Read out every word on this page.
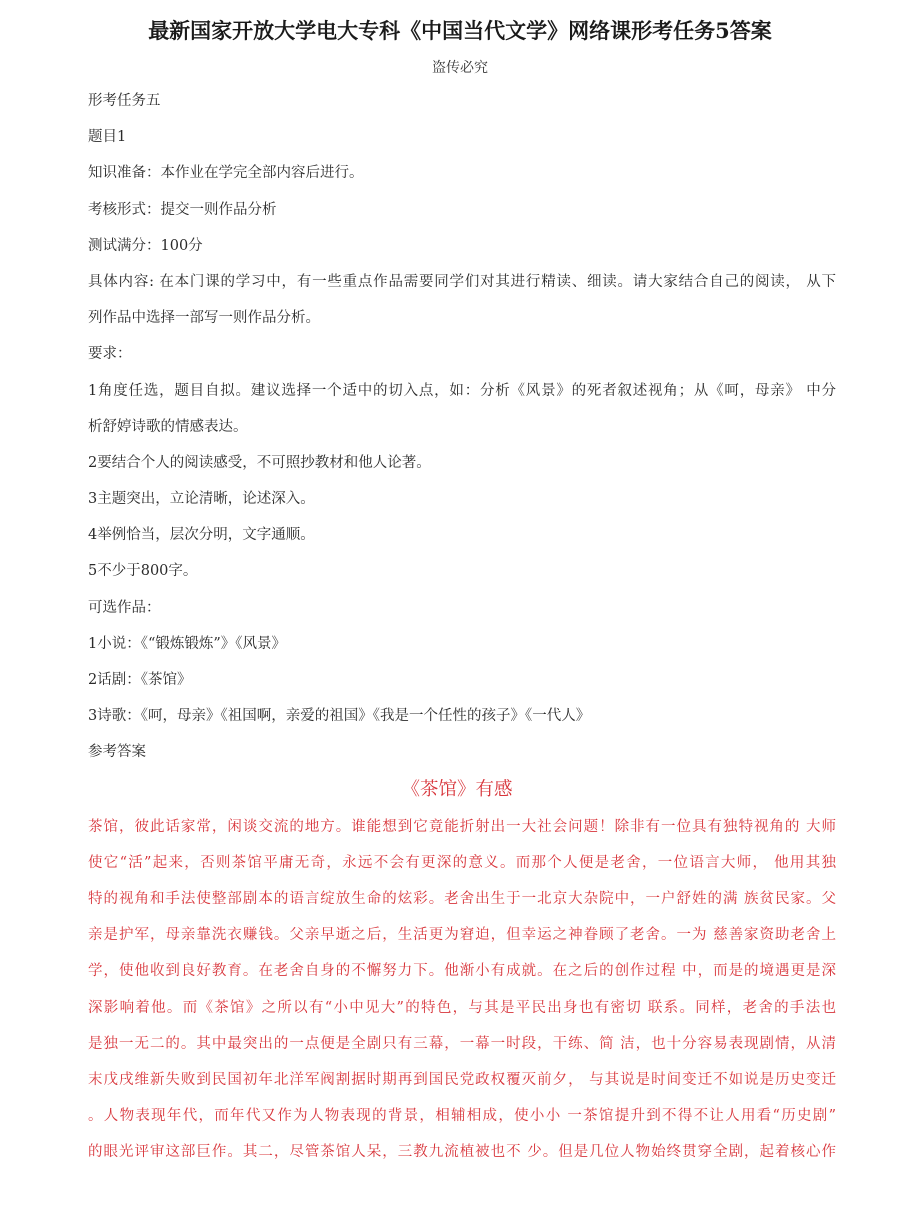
最新国家开放大学电大专科《中国当代文学》网络课形考任务5答案
盗传必究
形考任务五
题目1
知识准备：本作业在学完全部内容后进行。
考核形式：提交一则作品分析
测试满分：100分
具体内容: 在本门课的学习中，有一些重点作品需要同学们对其进行精读、细读。请大家结合自己的阅读， 从下
列作品中选择一部写一则作品分析。
要求：
1角度任选，题目自拟。建议选择一个适中的切入点，如：分析《风景》的死者叙述视角；从《呵，母亲》 中分
析舒婷诗歌的情感表达。
2要结合个人的阅读感受，不可照抄教材和他人论著。
3主题突出，立论清晰，论述深入。
4举例恰当，层次分明，文字通顺。
5不少于800字。
可选作品：
1小说：《“锻炼锻炼”》《风景》
2话剧：《茶馆》
3诗歌：《呵，母亲》《祖国啊，亲爱的祖国》《我是一个任性的孩子》《一代人》
参考答案
《茶馆》有感
茶馆，彼此话家常，闲谈交流的地方。谁能想到它竟能折射出一大社会问题！除非有一位具有独特视角的 大师
使它“活”起来，否则茶馆平庸无奇，永远不会有更深的意义。而那个人便是老舍，一位语言大师， 他用其独
特的视角和手法使整部剧本的语言绽放生命的炫彩。老舍出生于一北京大杂院中，一户舒姓的满 族贫民家。父
亲是护军，母亲靠洗衣赚钱。父亲早逝之后，生活更为窘迫，但幸运之神眷顾了老舍。一为 慈善家资助老舍上
学，使他收到良好教育。在老舍自身的不懈努力下。他渐小有成就。在之后的创作过程 中，而是的境遇更是深
深影响着他。而《茶馆》之所以有“小中见大”的特色，与其是平民出身也有密切 联系。同样，老舍的手法也
是独一无二的。其中最突出的一点便是全剧只有三幕，一幕一时段，干练、简 洁，也十分容易表现剧情，从清
末戊戌维新失败到民国初年北洋军阀割据时期再到国民党政权覆灭前夕， 与其说是时间变迁不如说是历史变迁
。人物表现年代，而年代又作为人物表现的背景，相辅相成，使小小 一茶馆提升到不得不让人用看“历史剧”
的眼光评审这部巨作。其二，尽管茶馆人呆，三教九流植被也不 少。但是几位人物始终贯穿全剧，起着核心作
